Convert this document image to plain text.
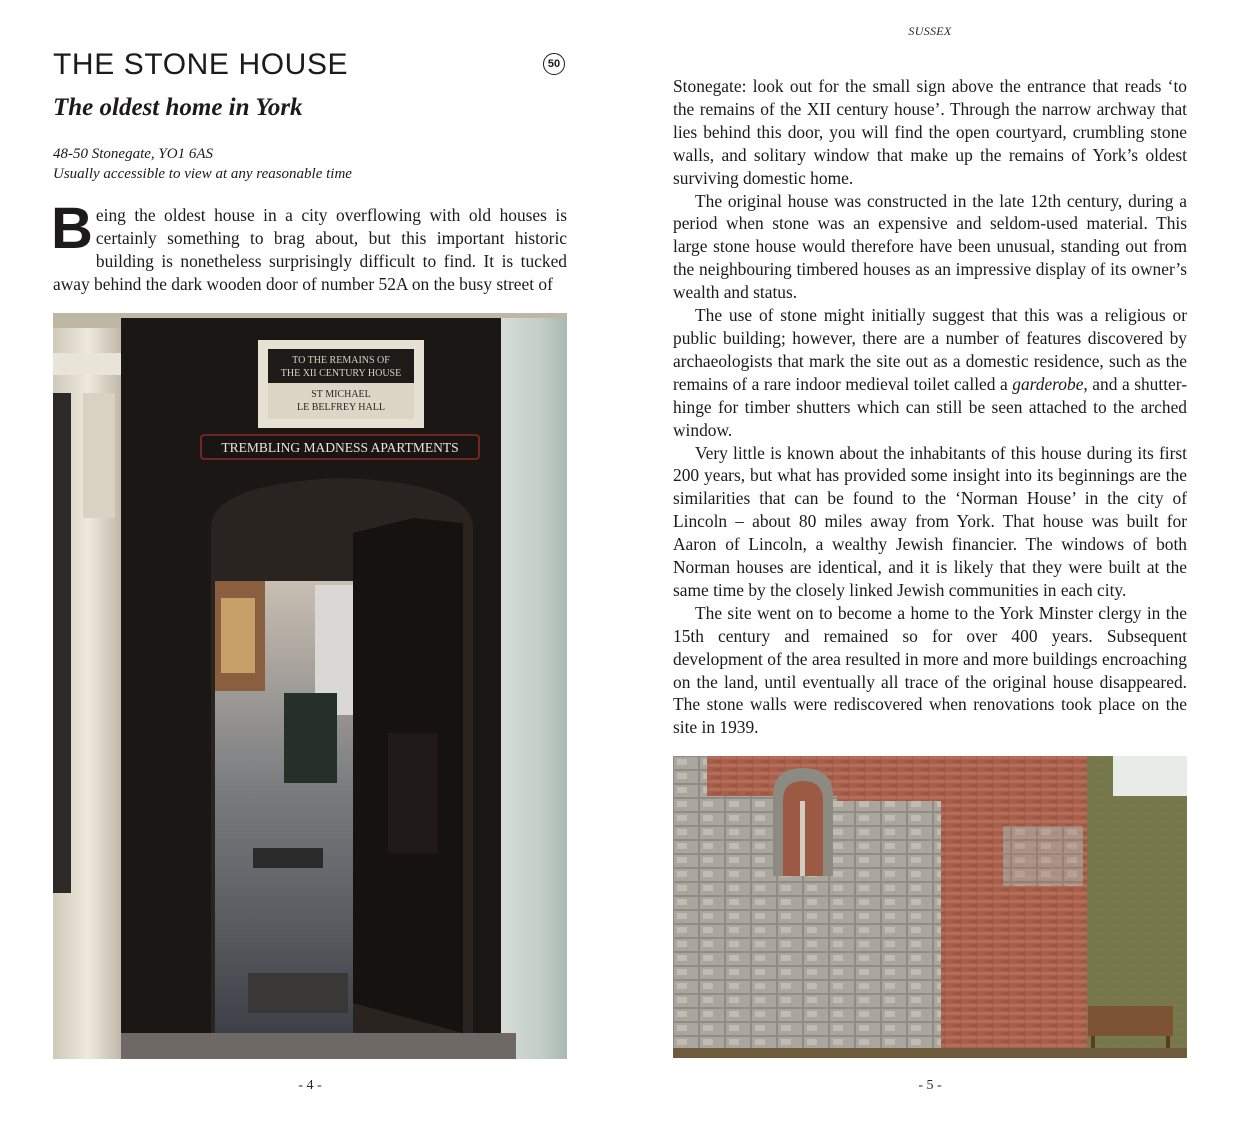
THE STONE HOUSE	50
The oldest home in York
48-50 Stonegate, YO1 6AS
Usually accessible to view at any reasonable time
Being the oldest house in a city overflowing with old houses is certainly something to brag about, but this important historic building is nonetheless surprisingly difficult to find. It is tucked away behind the dark wooden door of number 52A on the busy street of
TO THE REMAINS OF
THE XII CENTURY HOUSE
ST MICHAEL
LE BELFREY HALL
TREMBLING MADNESS APARTMENTS
- 4 -
SUSSEX

Stonegate: look out for the small sign above the entrance that reads ‘to the remains of the XII century house’. Through the narrow archway that lies behind this door, you will find the open courtyard, crumbling stone walls, and solitary window that make up the remains of York’s oldest surviving domestic home.

The original house was constructed in the late 12th century, during a period when stone was an expensive and seldom-used material. This large stone house would therefore have been unusual, standing out from the neighbouring timbered houses as an impressive display of its owner’s wealth and status.

The use of stone might initially suggest that this was a religious or public building; however, there are a number of features discovered by archaeologists that mark the site out as a domestic residence, such as the remains of a rare indoor medieval toilet called a garderobe, and a shutter-hinge for timber shutters which can still be seen attached to the arched window.

Very little is known about the inhabitants of this house during its first 200 years, but what has provided some insight into its beginnings are the similarities that can be found to the ‘Norman House’ in the city of Lincoln – about 80 miles away from York. That house was built for Aaron of Lincoln, a wealthy Jewish financier. The windows of both Norman houses are identical, and it is likely that they were built at the same time by the closely linked Jewish communities in each city.

The site went on to become a home to the York Minster clergy in the 15th century and remained so for over 400 years. Subsequent development of the area resulted in more and more buildings encroaching on the land, until eventually all trace of the original house disappeared. The stone walls were rediscovered when renovations took place on the site in 1939.

- 5 -
